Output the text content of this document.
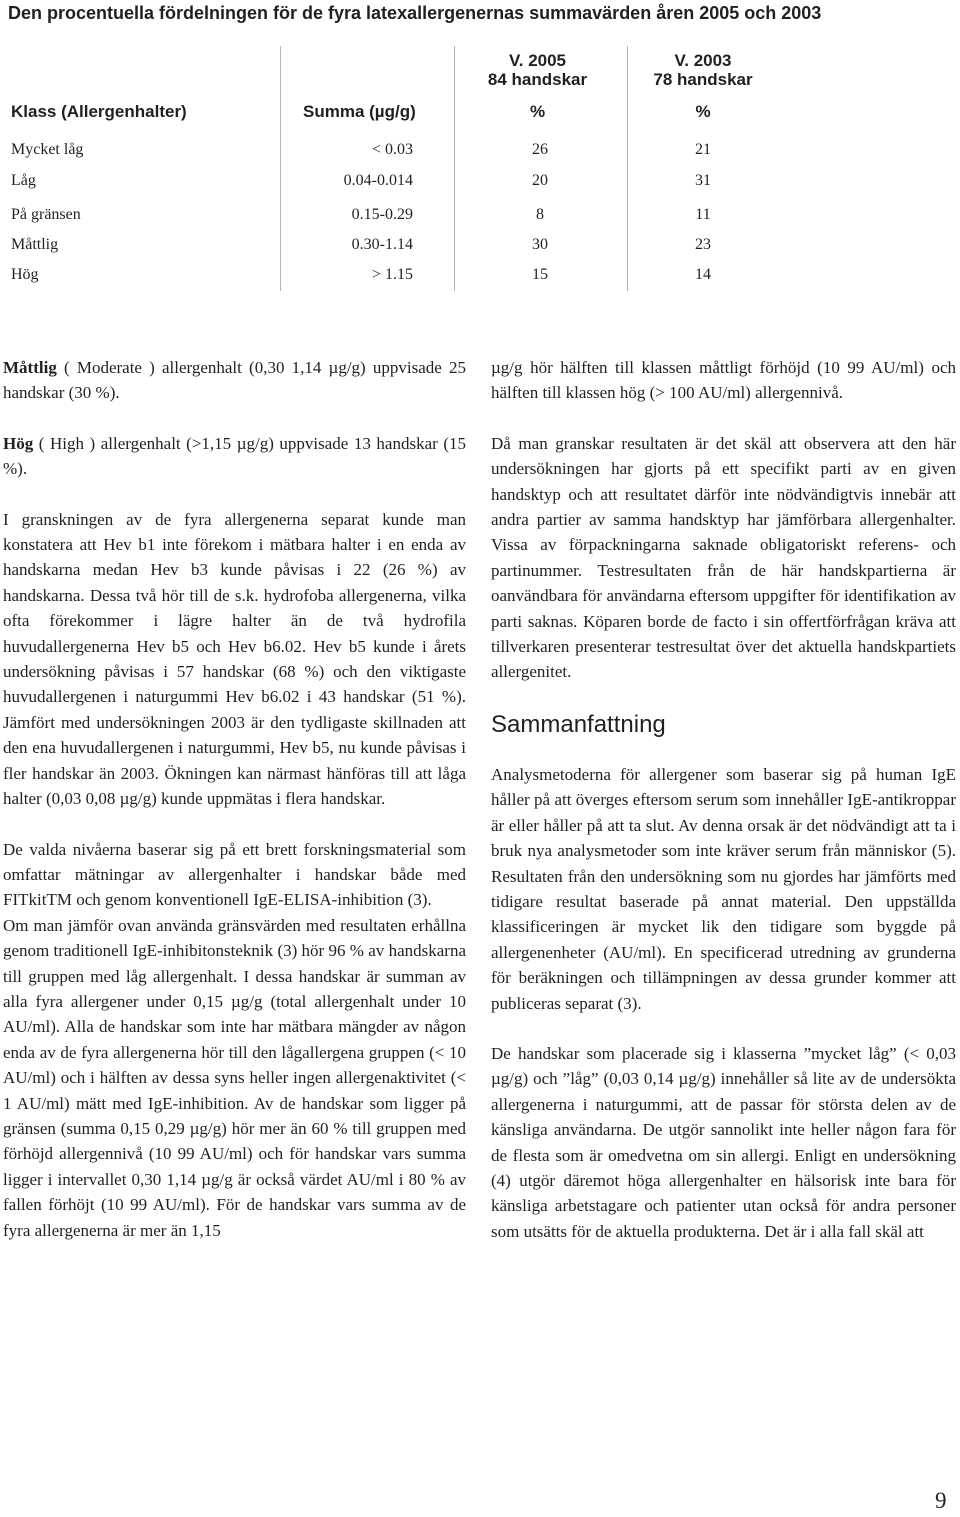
Den procentuella fördelningen för de fyra latexallergenernas summavärden åren 2005 och 2003
V. 2005
84 handskar
V. 2003
78 handskar
Klass (Allergenhalter)	Summa (µg/g)	%	%
Mycket låg	< 0.03	26	21
Låg	0.04-0.014	20	31
På gränsen	0.15-0.29	8	11
Måttlig	0.30-1.14	30	23
Hög	> 1.15	15	14

Måttlig ( Moderate ) allergenhalt (0,30 1,14 µg/g) uppvisade 25 handskar (30 %).

Hög ( High ) allergenhalt (>1,15 µg/g) uppvisade 13 handskar (15 %).

I granskningen av de fyra allergenerna separat kunde man konstatera att Hev b1 inte förekom i mätbara halter i en enda av handskarna medan Hev b3 kunde påvisas i 22 (26 %) av handskarna. Dessa två hör till de s.k. hydrofoba allergenerna, vilka ofta förekommer i lägre halter än de två hydrofila huvudallergenerna Hev b5 och Hev b6.02. Hev b5 kunde i årets undersökning påvisas i 57 handskar (68 %) och den viktigaste huvudallergenen i naturgummi Hev b6.02 i 43 handskar (51 %). Jämfört med undersökningen 2003 är den tydligaste skillnaden att den ena huvudallergenen i naturgummi, Hev b5, nu kunde påvisas i fler handskar än 2003. Ökningen kan närmast hänföras till att låga halter (0,03 0,08 µg/g) kunde uppmätas i flera handskar.

De valda nivåerna baserar sig på ett brett forskningsmaterial som omfattar mätningar av allergenhalter i handskar både med FITkitTM och genom konventionell IgE-ELISA-inhibition (3).

Om man jämför ovan använda gränsvärden med resultaten erhållna genom traditionell IgE-inhibitonsteknik (3) hör 96 % av handskarna till gruppen med låg allergenhalt. I dessa handskar är summan av alla fyra allergener under 0,15 µg/g (total allergenhalt under 10 AU/ml). Alla de handskar som inte har mätbara mängder av någon enda av de fyra allergenerna hör till den lågallergena gruppen (< 10 AU/ml) och i hälften av dessa syns heller ingen allergenaktivitet (< 1 AU/ml) mätt med IgE-inhibition. Av de handskar som ligger på gränsen (summa 0,15 0,29 µg/g) hör mer än 60 % till gruppen med förhöjd allergennivå (10 99 AU/ml) och för handskar vars summa ligger i intervallet 0,30 1,14 µg/g är också värdet AU/ml i 80 % av fallen förhöjt (10 99 AU/ml). För de handskar vars summa av de fyra allergenerna är mer än 1,15

µg/g hör hälften till klassen måttligt förhöjd (10 99 AU/ml) och hälften till klassen hög (> 100 AU/ml) allergennivå.

Då man granskar resultaten är det skäl att observera att den här undersökningen har gjorts på ett specifikt parti av en given handsktyp och att resultatet därför inte nödvändigtvis innebär att andra partier av samma handsktyp har jämförbara allergenhalter. Vissa av förpackningarna saknade obligatoriskt referens- och partinummer. Testresultaten från de här handskpartierna är oanvändbara för användarna eftersom uppgifter för identifikation av parti saknas. Köparen borde de facto i sin offertförfrågan kräva att tillverkaren presenterar testresultat över det aktuella handskpartiets allergenitet.

Sammanfattning

Analysmetoderna för allergener som baserar sig på human IgE håller på att överges eftersom serum som innehåller IgE-antikroppar är eller håller på att ta slut. Av denna orsak är det nödvändigt att ta i bruk nya analysmetoder som inte kräver serum från människor (5). Resultaten från den undersökning som nu gjordes har jämförts med tidigare resultat baserade på annat material. Den uppställda klassificeringen är mycket lik den tidigare som byggde på allergenenheter (AU/ml). En specificerad utredning av grunderna för beräkningen och tillämpningen av dessa grunder kommer att publiceras separat (3).

De handskar som placerade sig i klasserna ”mycket låg” (< 0,03 µg/g) och ”låg” (0,03 0,14 µg/g) innehåller så lite av de undersökta allergenerna i naturgummi, att de passar för största delen av de känsliga användarna. De utgör sannolikt inte heller någon fara för de flesta som är omedvetna om sin allergi. Enligt en undersökning (4) utgör däremot höga allergenhalter en hälsorisk inte bara för känsliga arbetstagare och patienter utan också för andra personer som utsätts för de aktuella produkterna. Det är i alla fall skäl att

9
